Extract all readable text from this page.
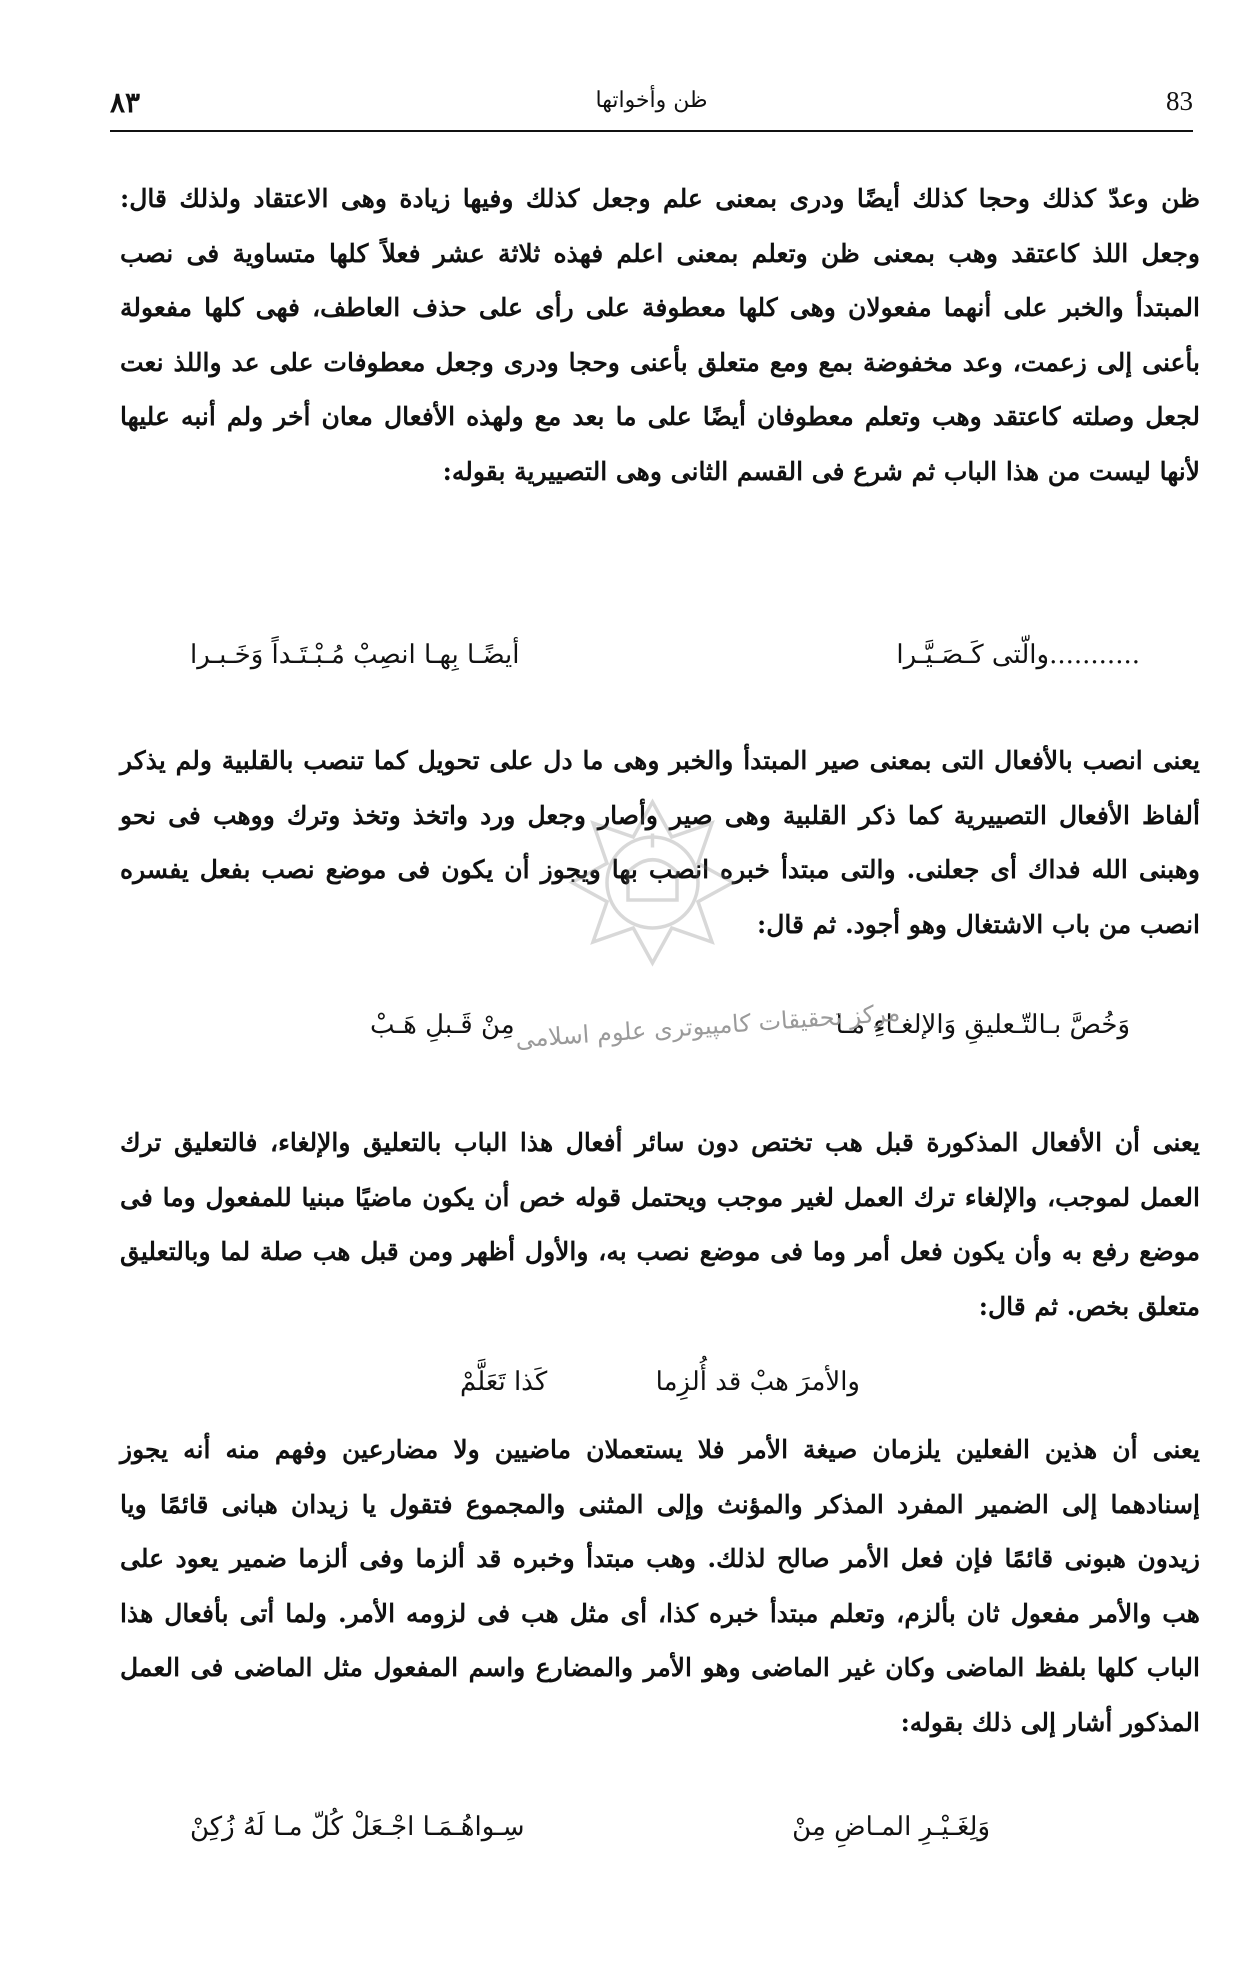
83
ظن وأخواتها
٨٣

ظن وعدّ كذلك وحجا كذلك أيضًا ودرى بمعنى علم وجعل كذلك وفيها زيادة وهى الاعتقاد ولذلك قال: وجعل اللذ كاعتقد وهب بمعنى ظن وتعلم بمعنى اعلم فهذه ثلاثة عشر فعلاً كلها متساوية فى نصب المبتدأ والخبر على أنهما مفعولان وهى كلها معطوفة على رأى على حذف العاطف، فهى كلها مفعولة بأعنى إلى زعمت، وعد مخفوضة بمع ومع متعلق بأعنى وحجا ودرى وجعل معطوفات على عد واللذ نعت لجعل وصلته كاعتقد وهب وتعلم معطوفان أيضًا على ما بعد مع ولهذه الأفعال معان أخر ولم أنبه عليها لأنها ليست من هذا الباب ثم شرع فى القسم الثانى وهى التصييرية بقوله:

...........والّتى كَـصَـيَّـرا
أيضًـا بِهـا انصِبْ مُـبْـتَـداً وَخَـبـرا

يعنى انصب بالأفعال التى بمعنى صير المبتدأ والخبر وهى ما دل على تحويل كما تنصب بالقلبية ولم يذكر ألفاظ الأفعال التصييرية كما ذكر القلبية وهى صير وأصار وجعل ورد واتخذ وتخذ وترك ووهب فى نحو وهبنى الله فداك أى جعلنى. والتى مبتدأ خبره انصب بها ويجوز أن يكون فى موضع نصب بفعل يفسره انصب من باب الاشتغال وهو أجود. ثم قال:

وَخُصَّ بـالتّـعليقِ وَالإلغـاءِ مـا
مِنْ قَـبلِ هَـبْ مركز تحقيقات كامپيوتری علوم اسلامی

يعنى أن الأفعال المذكورة قبل هب تختص دون سائر أفعال هذا الباب بالتعليق والإلغاء، فالتعليق ترك العمل لموجب، والإلغاء ترك العمل لغير موجب ويحتمل قوله خص أن يكون ماضيًا مبنيا للمفعول وما فى موضع رفع به وأن يكون فعل أمر وما فى موضع نصب به، والأول أظهر ومن قبل هب صلة لما وبالتعليق متعلق بخص. ثم قال:

والأمرَ هبْ قد أُلزِما
كَذا تَعَلَّمْ

يعنى أن هذين الفعلين يلزمان صيغة الأمر فلا يستعملان ماضيين ولا مضارعين وفهم منه أنه يجوز إسنادهما إلى الضمير المفرد المذكر والمؤنث وإلى المثنى والمجموع فتقول يا زيدان هبانى قائمًا ويا زيدون هبونى قائمًا فإن فعل الأمر صالح لذلك. وهب مبتدأ وخبره قد ألزما وفى ألزما ضمير يعود على هب والأمر مفعول ثان بألزم، وتعلم مبتدأ خبره كذا، أى مثل هب فى لزومه الأمر. ولما أتى بأفعال هذا الباب كلها بلفظ الماضى وكان غير الماضى وهو الأمر والمضارع واسم المفعول مثل الماضى فى العمل المذكور أشار إلى ذلك بقوله:

وَلِغَـيْـرِ المـاضِ مِنْ
سِـواهُـمَـا اجْـعَلْ كُلّ مـا لَهُ زُكِنْ
